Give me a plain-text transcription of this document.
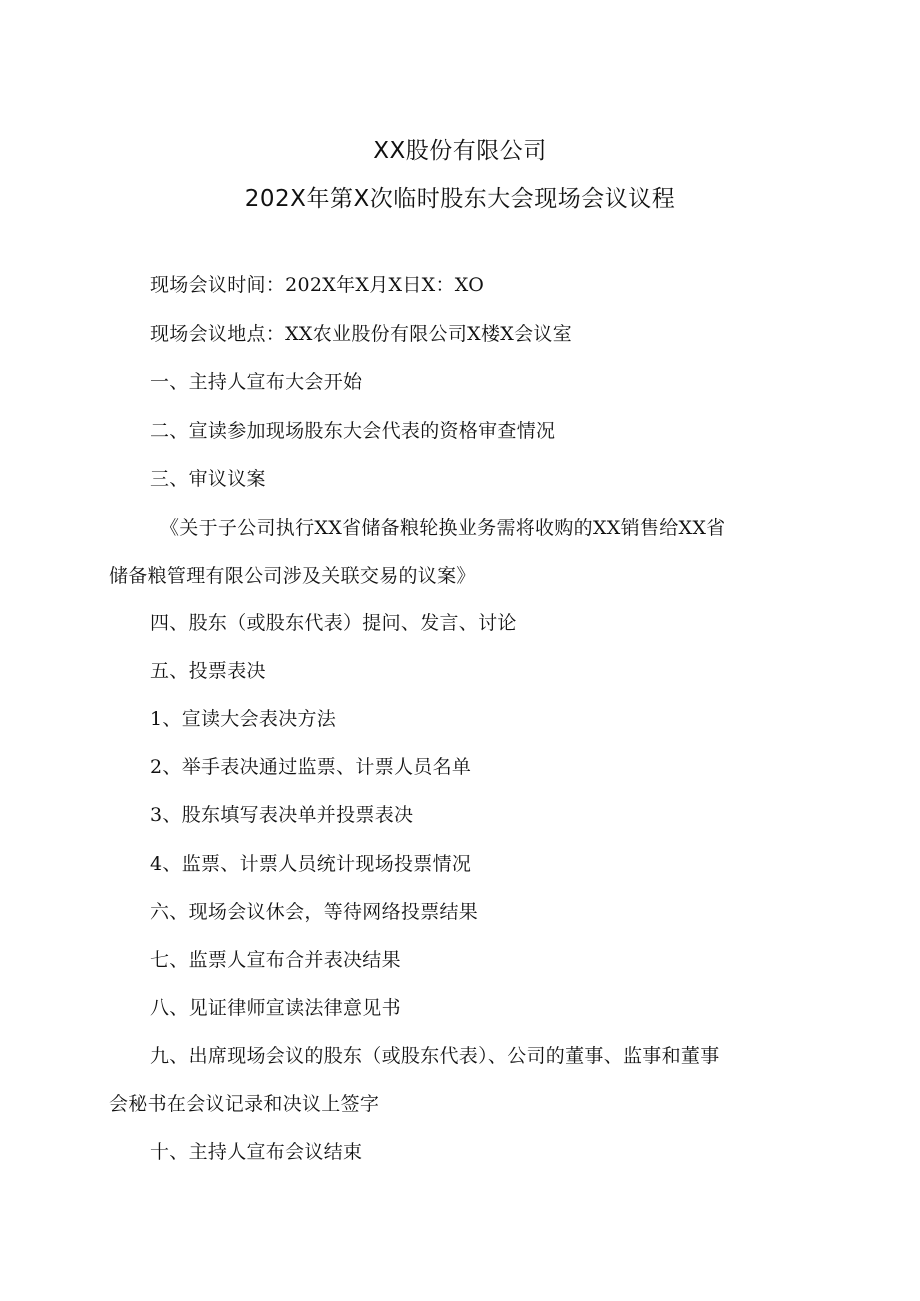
XX股份有限公司
202X年第X次临时股东大会现场会议议程
现场会议时间：202X年X月X日X：XO
现场会议地点：XX农业股份有限公司X楼X会议室
一、主持人宣布大会开始
二、宣读参加现场股东大会代表的资格审查情况
三、审议议案
《关于子公司执行XX省储备粮轮换业务需将收购的XX销售给XX省
储备粮管理有限公司涉及关联交易的议案》
四、股东（或股东代表）提问、发言、讨论
五、投票表决
1、宣读大会表决方法
2、举手表决通过监票、计票人员名单
3、股东填写表决单并投票表决
4、监票、计票人员统计现场投票情况
六、现场会议休会，等待网络投票结果
七、监票人宣布合并表决结果
八、见证律师宣读法律意见书
九、出席现场会议的股东（或股东代表）、公司的董事、监事和董事
会秘书在会议记录和决议上签字
十、主持人宣布会议结束
